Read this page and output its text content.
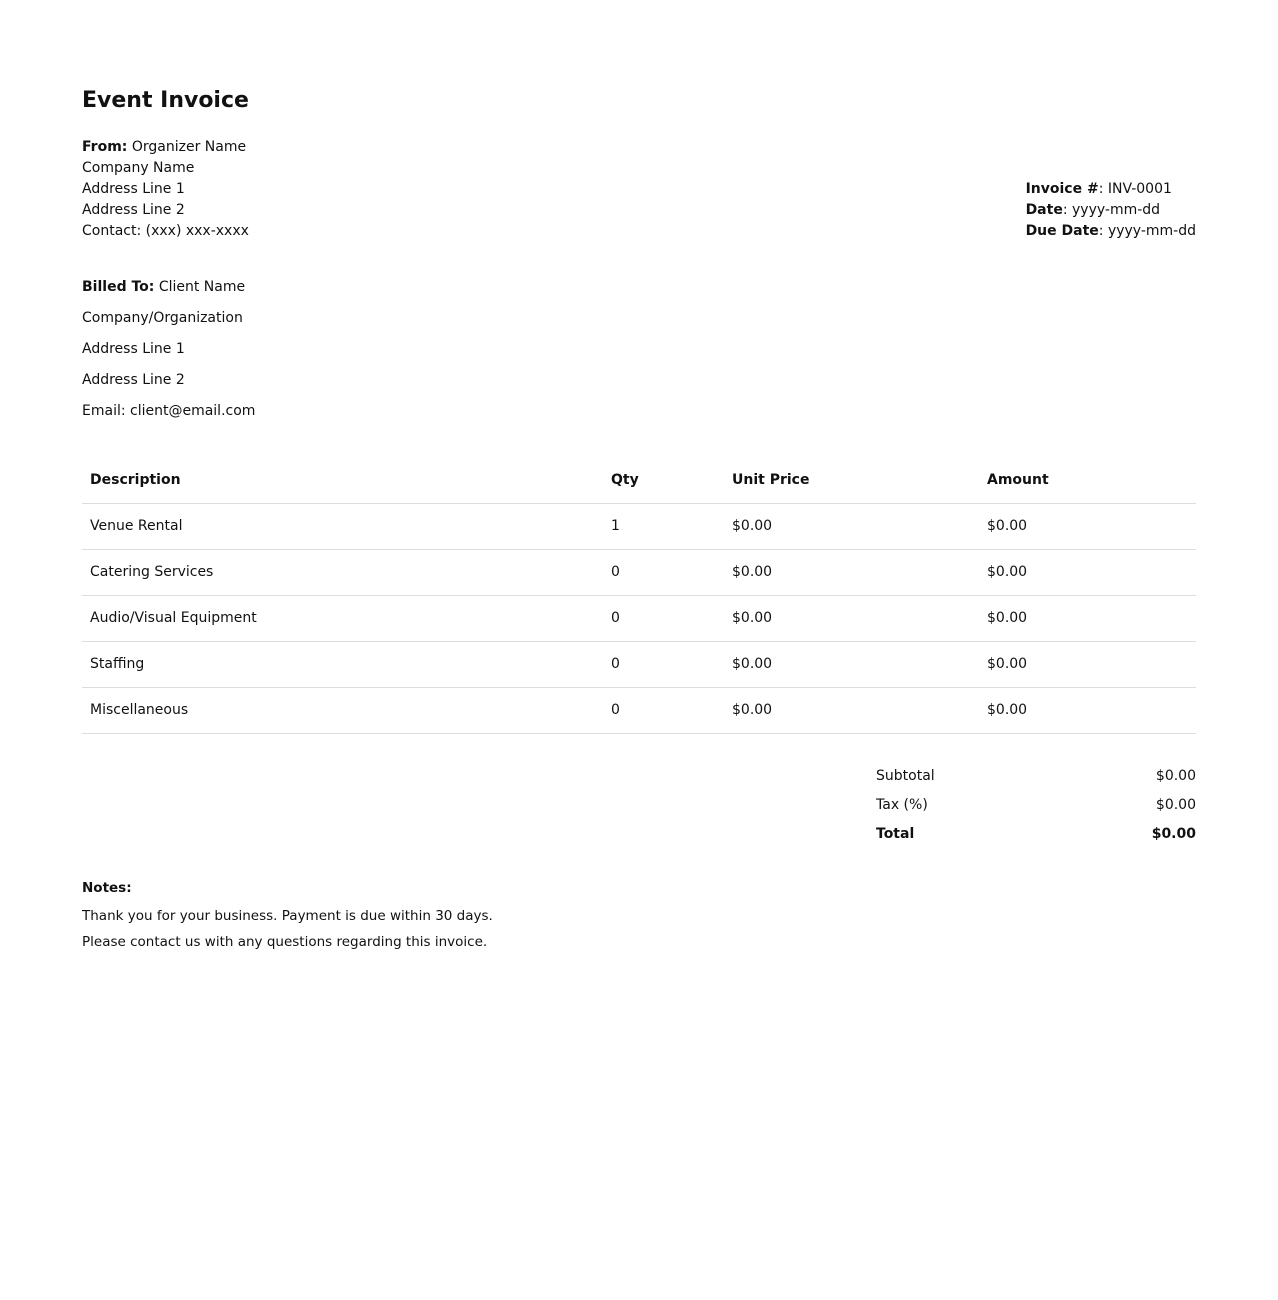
Event Invoice
From: Organizer Name
Company Name
Address Line 1
Address Line 2
Contact: (xxx) xxx-xxxx
Invoice #: INV-0001
Date: yyyy-mm-dd
Due Date: yyyy-mm-dd
Billed To: Client Name
Company/Organization
Address Line 1
Address Line 2
Email: client@email.com
Description	Qty	Unit Price	Amount
Venue Rental	1	$0.00	$0.00
Catering Services	0	$0.00	$0.00
Audio/Visual Equipment	0	$0.00	$0.00
Staffing	0	$0.00	$0.00
Miscellaneous	0	$0.00	$0.00
Subtotal	$0.00
Tax (%)	$0.00
Total	$0.00
Notes:
Thank you for your business. Payment is due within 30 days.
Please contact us with any questions regarding this invoice.
